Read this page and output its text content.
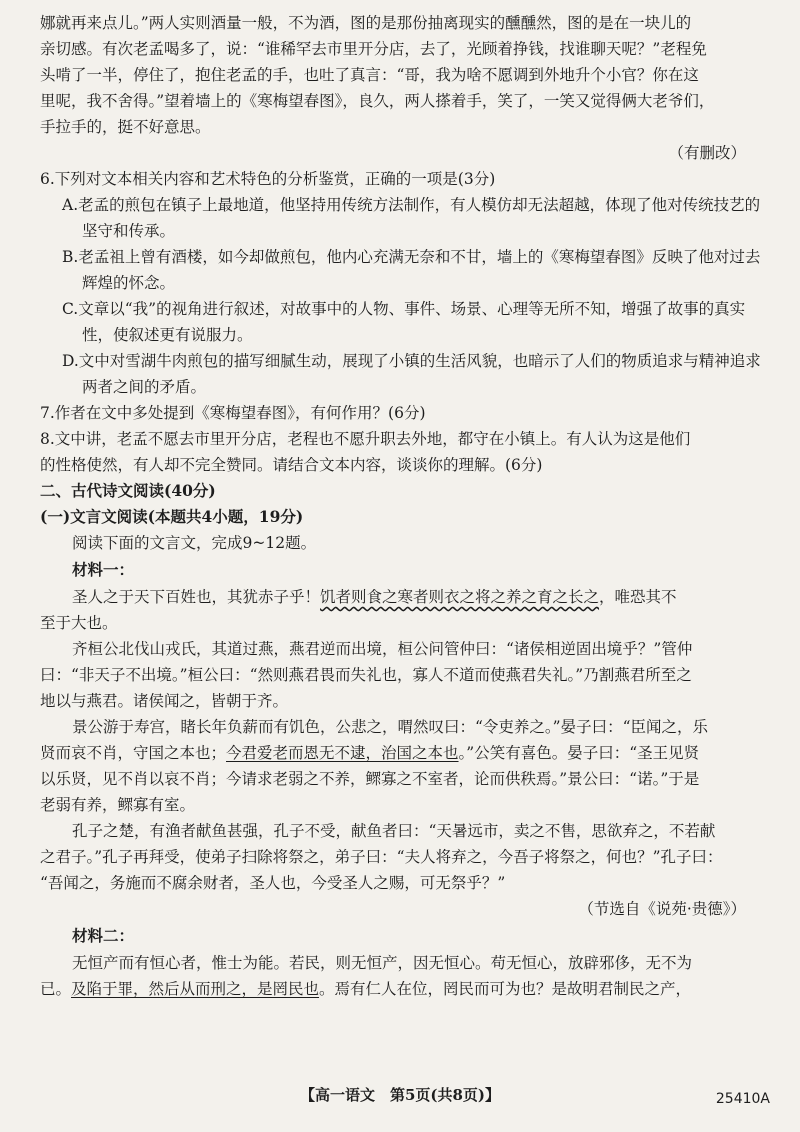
娜就再来点儿。”两人实则酒量一般，不为酒，图的是那份抽离现实的醺醺然，图的是在一块儿的

亲切感。有次老孟喝多了，说：“谁稀罕去市里开分店，去了，光顾着挣钱，找谁聊天呢？”老程免

头啃了一半，停住了，抱住老孟的手，也吐了真言：“哥，我为啥不愿调到外地升个小官？你在这

里呢，我不舍得。”望着墙上的《寒梅望春图》，良久，两人搽着手，笑了，一笑又觉得俩大老爷们，

手拉手的，挺不好意思。

（有删改）

6.下列对文本相关内容和艺术特色的分析鉴赏，正确的一项是(3分)

A.老孟的煎包在镇子上最地道，他坚持用传统方法制作，有人模仿却无法超越，体现了他对传统技艺的坚守和传承。

B.老孟祖上曾有酒楼，如今却做煎包，他内心充满无奈和不甘，墙上的《寒梅望春图》反映了他对过去辉煌的怀念。

C.文章以“我”的视角进行叙述，对故事中的人物、事件、场景、心理等无所不知，增强了故事的真实性，使叙述更有说服力。

D.文中对雪湖牛肉煎包的描写细腻生动，展现了小镇的生活风貌，也暗示了人们的物质追求与精神追求两者之间的矛盾。

7.作者在文中多处提到《寒梅望春图》，有何作用？(6分)

8.文中讲，老孟不愿去市里开分店，老程也不愿升职去外地，都守在小镇上。有人认为这是他们

的性格使然，有人却不完全赞同。请结合文本内容，谈谈你的理解。(6分)

二、古代诗文阅读(40分)

(一)文言文阅读(本题共4小题，19分)

阅读下面的文言文，完成9~12题。

材料一：

圣人之于天下百姓也，其犹赤子乎！饥者则食之寒者则衣之将之养之育之长之，唯恐其不

至于大也。

齐桓公北伐山戎氏，其道过燕，燕君逆而出境，桓公问管仲曰：“诸侯相逆固出境乎？”管仲

曰：“非天子不出境。”桓公曰：“然则燕君畏而失礼也，寡人不道而使燕君失礼。”乃割燕君所至之

地以与燕君。诸侯闻之，皆朝于齐。

景公游于寿宫，睹长年负薪而有饥色，公悲之，喟然叹曰：“令吏养之。”晏子曰：“臣闻之，乐

贤而哀不肖，守国之本也；今君爱老而恩无不逮，治国之本也。”公笑有喜色。晏子曰：“圣王见贤

以乐贤，见不肖以哀不肖；今请求老弱之不养，鳏寡之不室者，论而供秩焉。”景公曰：“诺。”于是

老弱有养，鳏寡有室。

孔子之楚，有渔者献鱼甚强，孔子不受，献鱼者曰：“天暑远市，卖之不售，思欲弃之，不若献

之君子。”孔子再拜受，使弟子扫除将祭之，弟子曰：“夫人将弃之，今吾子将祭之，何也？”孔子曰：

“吾闻之，务施而不腐余财者，圣人也，今受圣人之赐，可无祭乎？”

（节选自《说苑·贵德》）

材料二：

无恒产而有恒心者，惟士为能。若民，则无恒产，因无恒心。苟无恒心，放辟邪侈，无不为

已。及陷于罪，然后从而刑之，是罔民也。焉有仁人在位，罔民而可为也？是故明君制民之产，

【高一语文　第5页(共8页)】	25410A
